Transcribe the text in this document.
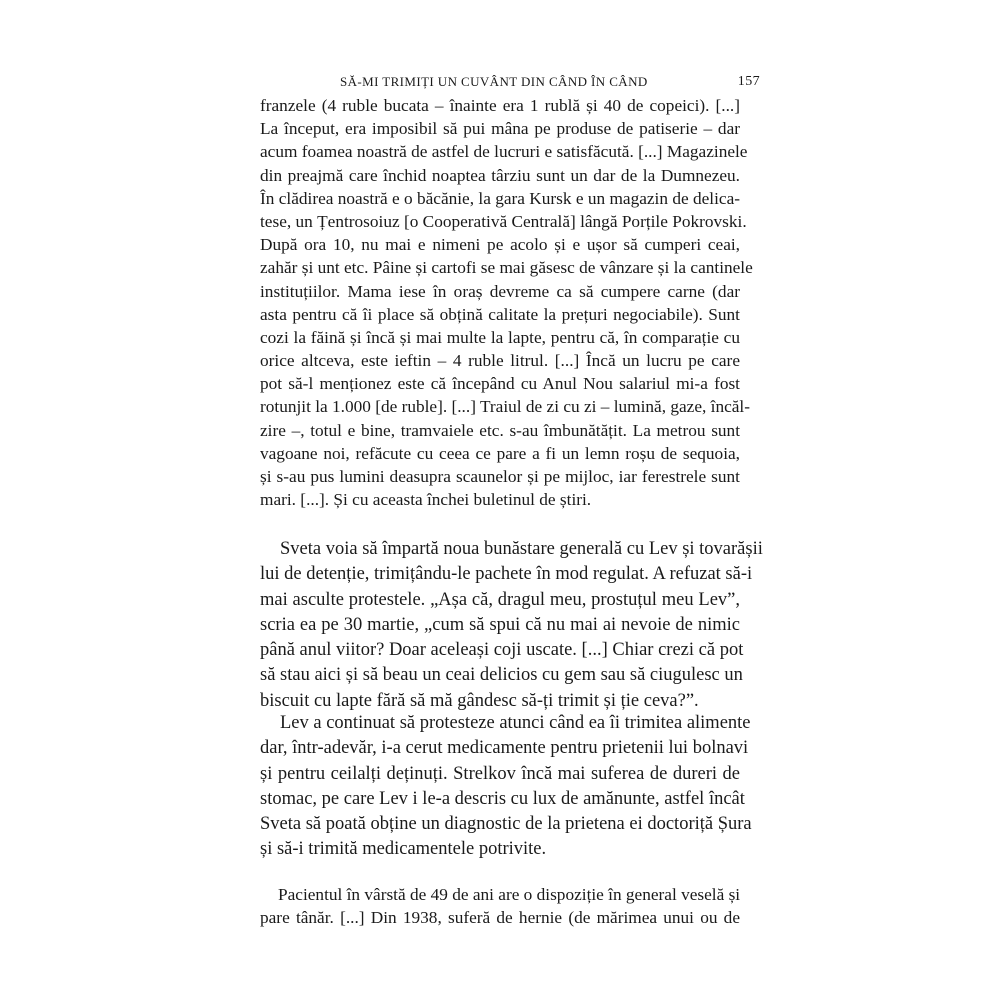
SĂ-MI TRIMIȚI UN CUVÂNT DIN CÂND ÎN CÂND	157
franzele (4 ruble bucata – înainte era 1 rublă și 40 de copeici). [...]
La început, era imposibil să pui mâna pe produse de patiserie – dar
acum foamea noastră de astfel de lucruri e satisfăcută. [...] Magazinele
din preajmă care închid noaptea târziu sunt un dar de la Dumnezeu.
În clădirea noastră e o băcănie, la gara Kursk e un magazin de delica-
tese, un Țentrosoiuz [o Cooperativă Centrală] lângă Porțile Pokrovski.
După ora 10, nu mai e nimeni pe acolo și e ușor să cumperi ceai,
zahăr și unt etc. Pâine și cartofi se mai găsesc de vânzare și la cantinele
instituțiilor. Mama iese în oraș devreme ca să cumpere carne (dar
asta pentru că îi place să obțină calitate la prețuri negociabile). Sunt
cozi la făină și încă și mai multe la lapte, pentru că, în comparație cu
orice altceva, este ieftin – 4 ruble litrul. [...] Încă un lucru pe care
pot să-l menționez este că începând cu Anul Nou salariul mi-a fost
rotunjit la 1.000 [de ruble]. [...] Traiul de zi cu zi – lumină, gaze, încăl-
zire –, totul e bine, tramvaiele etc. s-au îmbunătățit. La metrou sunt
vagoane noi, refăcute cu ceea ce pare a fi un lemn roșu de sequoia,
și s-au pus lumini deasupra scaunelor și pe mijloc, iar ferestrele sunt
mari. [...]. Și cu aceasta închei buletinul de știri.
Sveta voia să împartă noua bunăstare generală cu Lev și tovarășii
lui de detenție, trimițându-le pachete în mod regulat. A refuzat să-i
mai asculte protestele. „Așa că, dragul meu, prostuțul meu Lev”,
scria ea pe 30 martie, „cum să spui că nu mai ai nevoie de nimic
până anul viitor? Doar aceleași coji uscate. [...] Chiar crezi că pot
să stau aici și să beau un ceai delicios cu gem sau să ciugulesc un
biscuit cu lapte fără să mă gândesc să-ți trimit și ție ceva?”.
Lev a continuat să protesteze atunci când ea îi trimitea alimente
dar, într-adevăr, i-a cerut medicamente pentru prietenii lui bolnavi
și pentru ceilalți deținuți. Strelkov încă mai suferea de dureri de
stomac, pe care Lev i le-a descris cu lux de amănunte, astfel încât
Sveta să poată obține un diagnostic de la prietena ei doctoriță Șura
și să-i trimită medicamentele potrivite.
Pacientul în vârstă de 49 de ani are o dispoziție în general veselă și
pare tânăr. [...] Din 1938, suferă de hernie (de mărimea unui ou de
